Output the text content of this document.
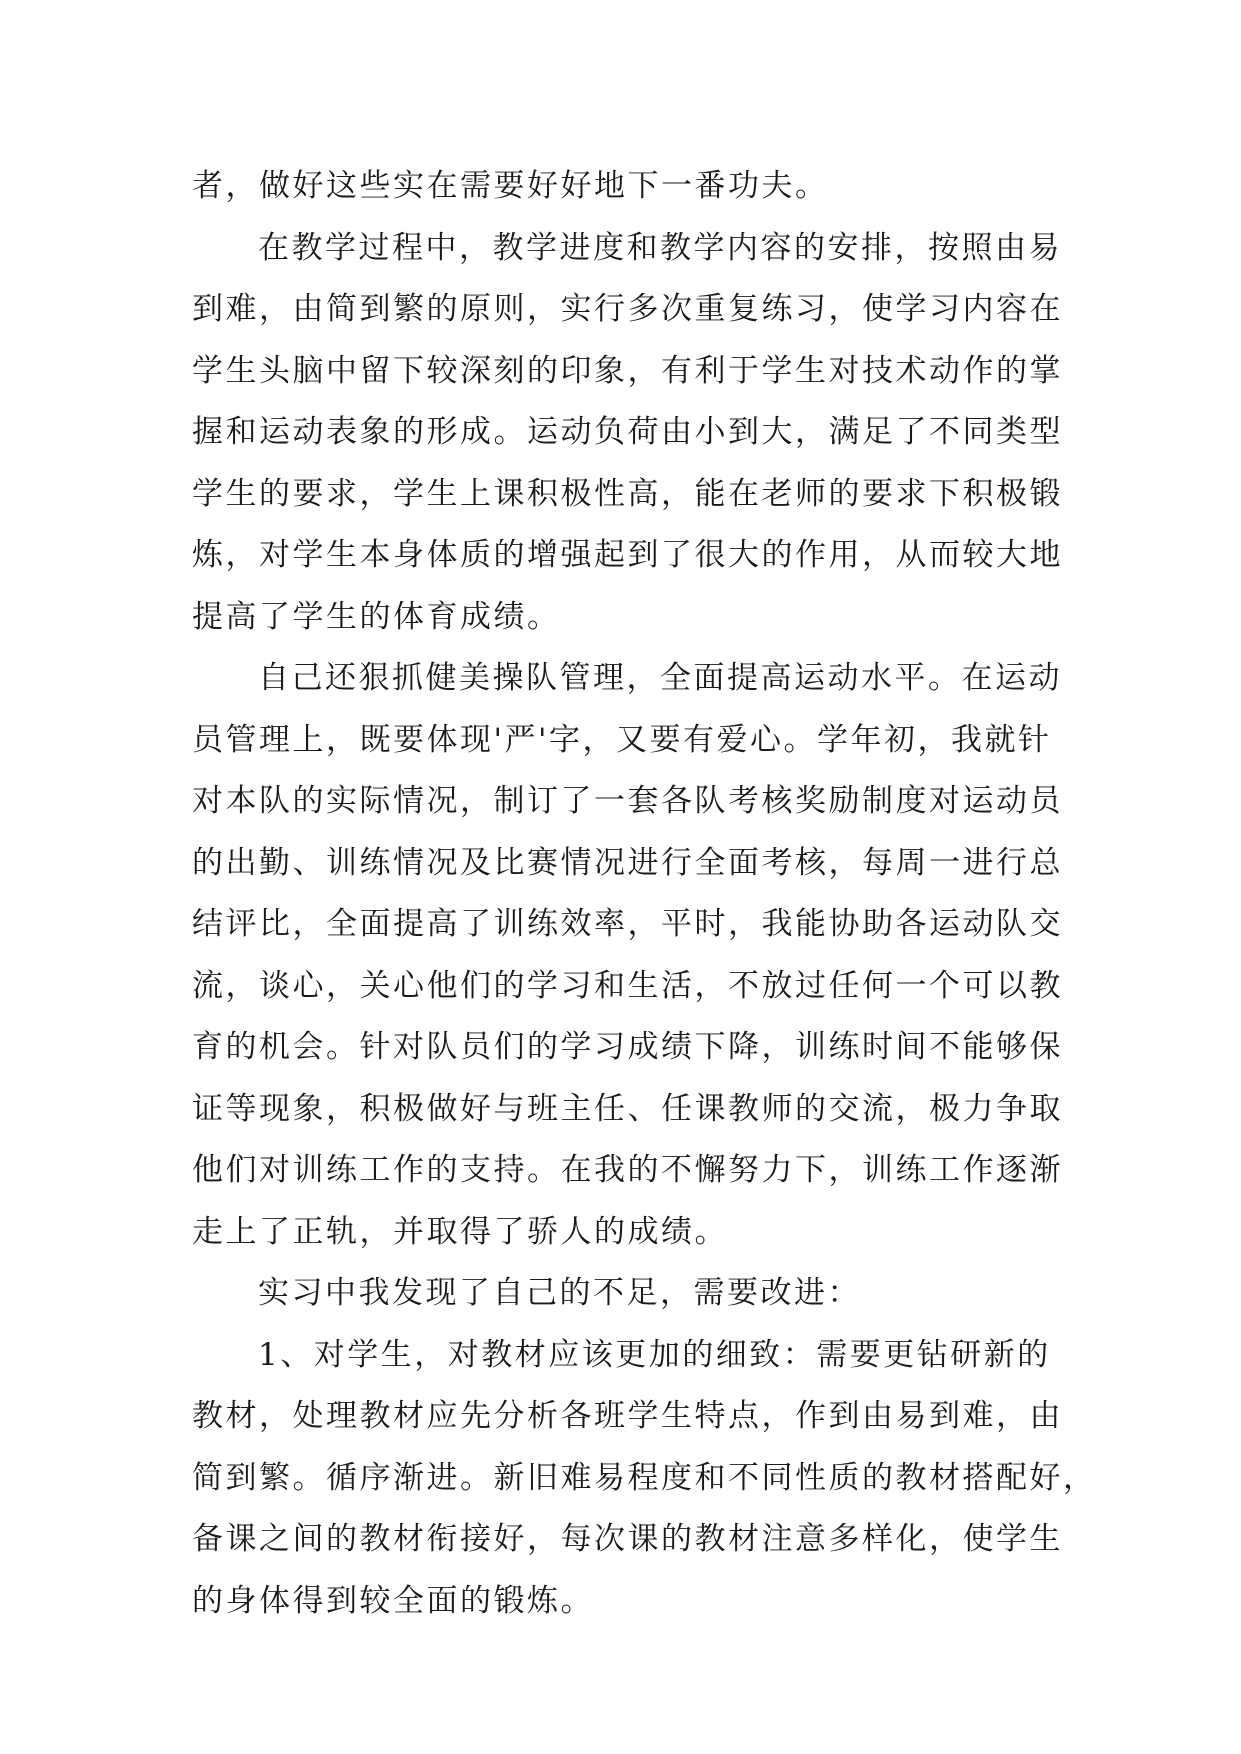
者，做好这些实在需要好好地下一番功夫。
在教学过程中，教学进度和教学内容的安排，按照由易
到难，由简到繁的原则，实行多次重复练习，使学习内容在
学生头脑中留下较深刻的印象，有利于学生对技术动作的掌
握和运动表象的形成。运动负荷由小到大，满足了不同类型
学生的要求，学生上课积极性高，能在老师的要求下积极锻
炼，对学生本身体质的增强起到了很大的作用，从而较大地
提高了学生的体育成绩。
自己还狠抓健美操队管理，全面提高运动水平。在运动
员管理上，既要体现'严'字，又要有爱心。学年初，我就针
对本队的实际情况，制订了一套各队考核奖励制度对运动员
的出勤、训练情况及比赛情况进行全面考核，每周一进行总
结评比，全面提高了训练效率，平时，我能协助各运动队交
流，谈心，关心他们的学习和生活，不放过任何一个可以教
育的机会。针对队员们的学习成绩下降，训练时间不能够保
证等现象，积极做好与班主任、任课教师的交流，极力争取
他们对训练工作的支持。在我的不懈努力下，训练工作逐渐
走上了正轨，并取得了骄人的成绩。
实习中我发现了自己的不足，需要改进：
1、对学生，对教材应该更加的细致：需要更钻研新的
教材，处理教材应先分析各班学生特点，作到由易到难，由
简到繁。循序渐进。新旧难易程度和不同性质的教材搭配好，
备课之间的教材衔接好，每次课的教材注意多样化，使学生
的身体得到较全面的锻炼。
